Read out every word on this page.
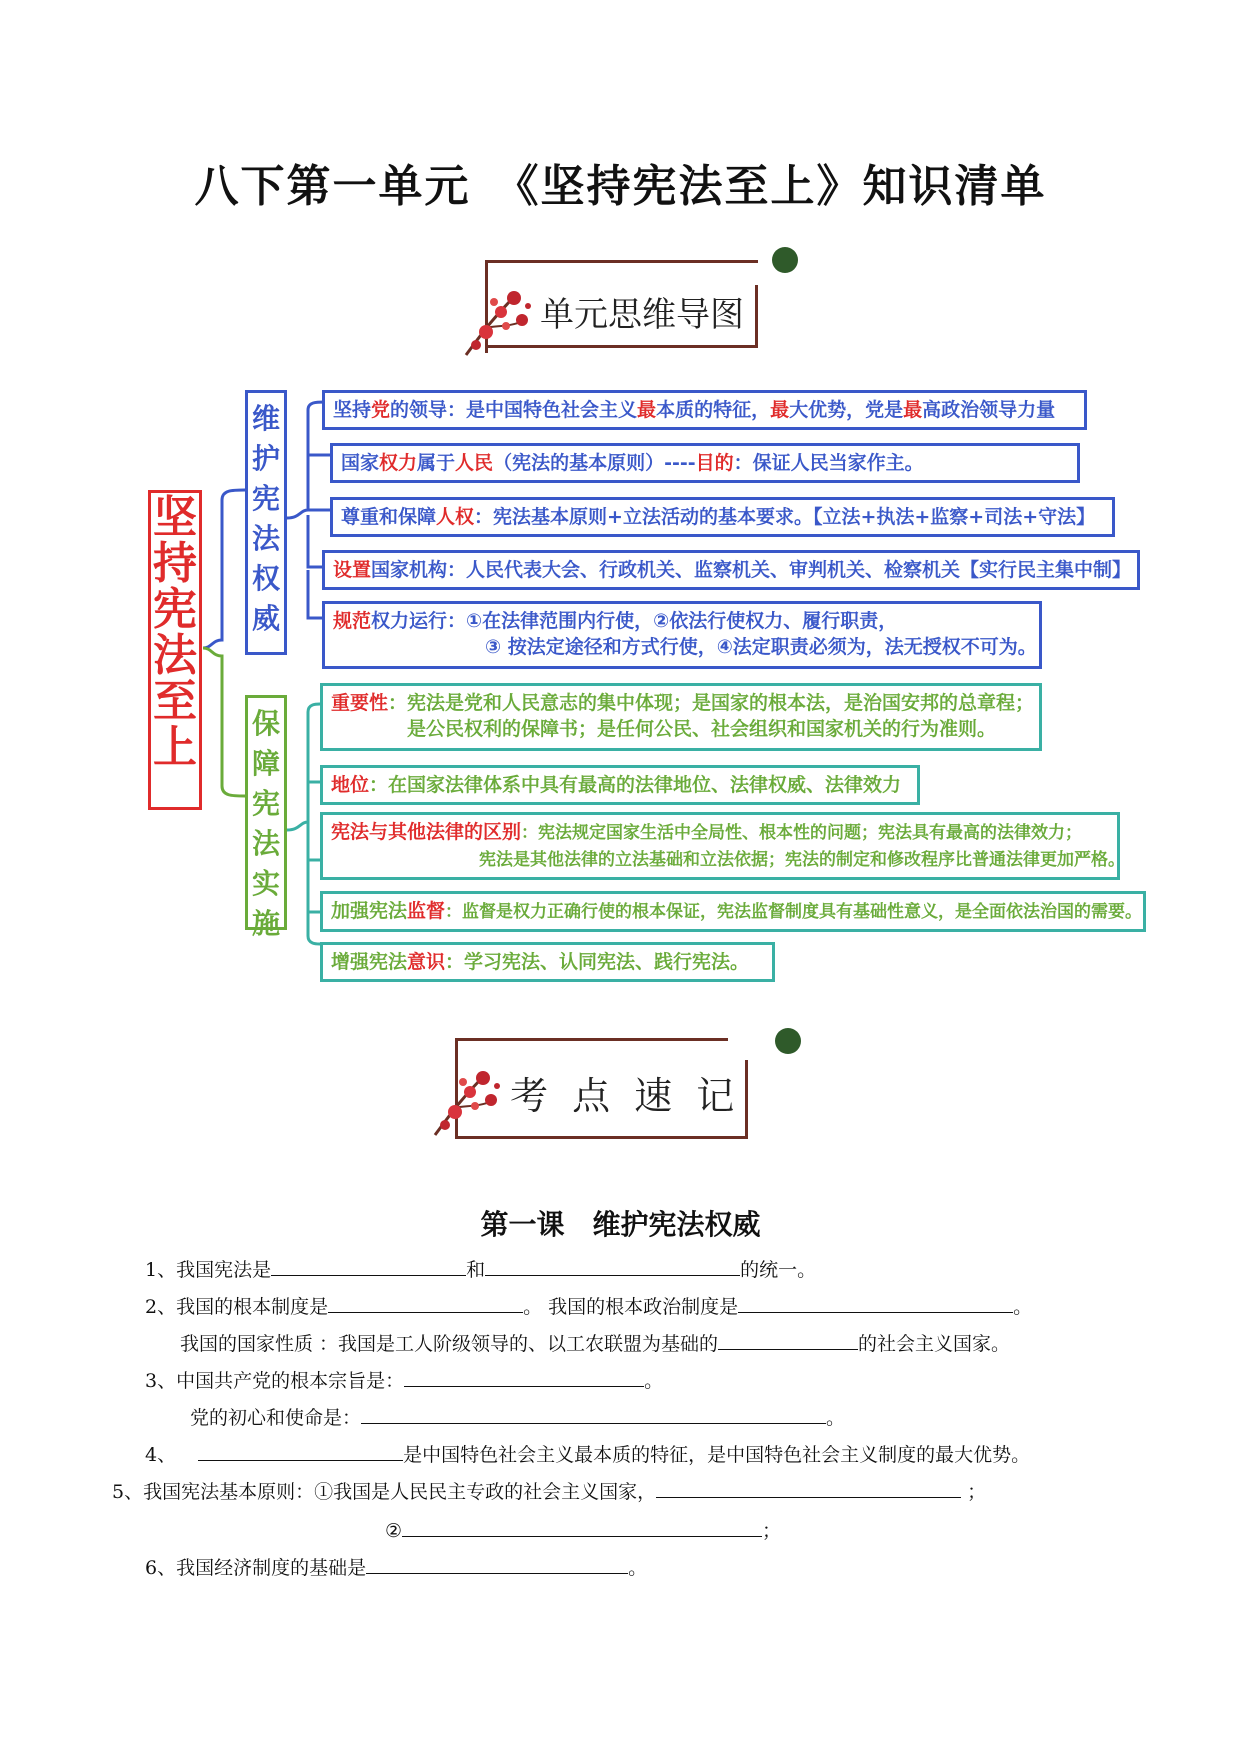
八下第一单元　《坚持宪法至上》知识清单
单元思维导图
坚持宪法至上
维护宪法权威
保障宪法实施
坚持党的领导：是中国特色社会主义最本质的特征，最大优势，党是最高政治领导力量
国家权力属于人民（宪法的基本原则）----目的：保证人民当家作主。
尊重和保障人权：宪法基本原则+立法活动的基本要求。【立法+执法+监察+司法+守法】
设置国家机构：人民代表大会、行政机关、监察机关、审判机关、检察机关【实行民主集中制】
规范权力运行：①在法律范围内行使，②依法行使权力、履行职责，
③ 按法定途径和方式行使，④法定职责必须为，法无授权不可为。
重要性：宪法是党和人民意志的集中体现；是国家的根本法，是治国安邦的总章程；
是公民权利的保障书；是任何公民、社会组织和国家机关的行为准则。
地位：在国家法律体系中具有最高的法律地位、法律权威、法律效力
宪法与其他法律的区别：宪法规定国家生活中全局性、根本性的问题；宪法具有最高的法律效力；
宪法是其他法律的立法基础和立法依据；宪法的制定和修改程序比普通法律更加严格。
加强宪法监督：监督是权力正确行使的根本保证，宪法监督制度具有基础性意义，是全面依法治国的需要。
增强宪法意识：学习宪法、认同宪法、践行宪法。
考 点 速 记
第一课　维护宪法权威
1、我国宪法是	和	的统一。
2、我国的根本制度是	。 我国的根本政治制度是	。
我国的国家性质 ：我国是工人阶级领导的、以工农联盟为基础的	的社会主义国家。
3、中国共产党的根本宗旨是：	。
党的初心和使命是：	。
4、	是中国特色社会主义最本质的特征，是中国特色社会主义制度的最大优势。
5、我国宪法基本原则：①我国是人民民主专政的社会主义国家，	；
②	；
6、我国经济制度的基础是	。
